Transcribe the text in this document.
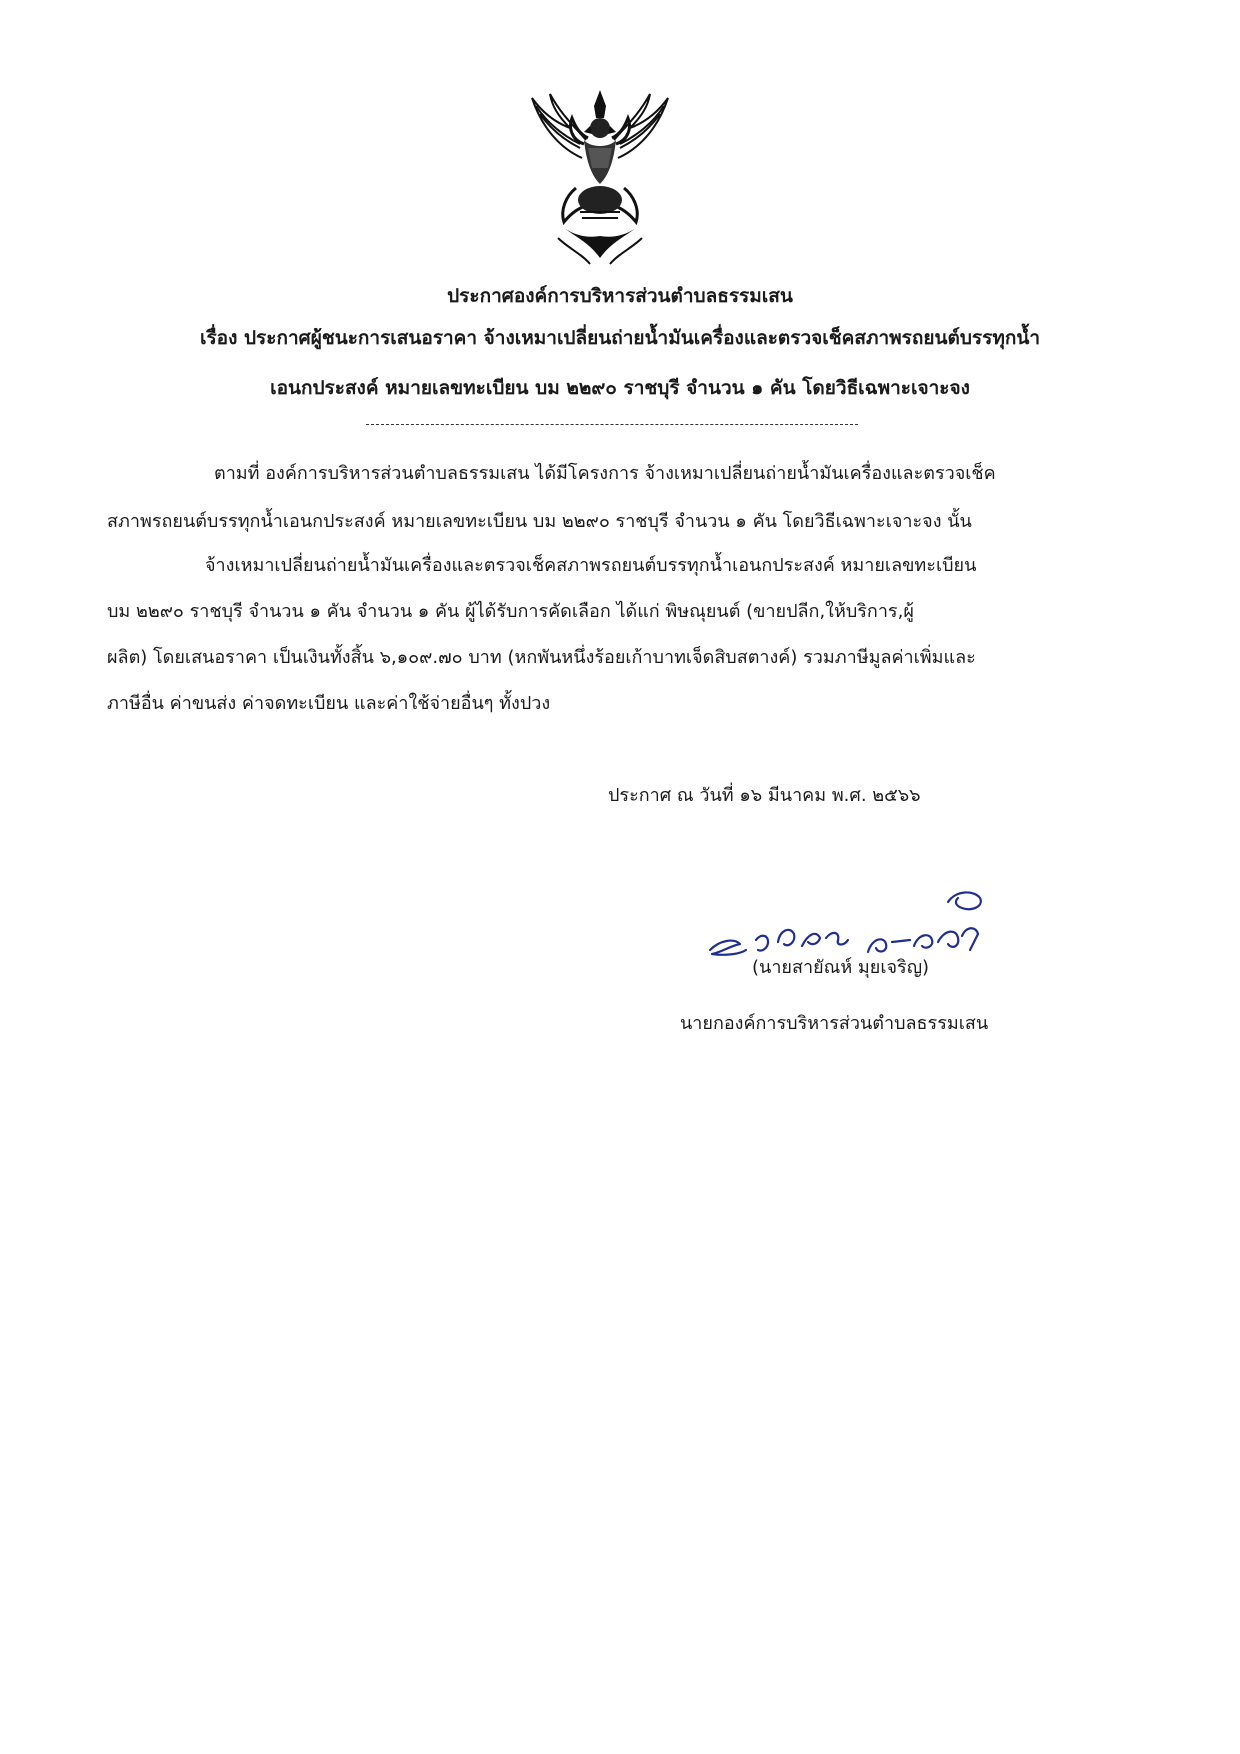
ประกาศองค์การบริหารส่วนตำบลธรรมเสน
เรื่อง ประกาศผู้ชนะการเสนอราคา จ้างเหมาเปลี่ยนถ่ายน้ำมันเครื่องและตรวจเช็คสภาพรถยนต์บรรทุกน้ำ
เอนกประสงค์ หมายเลขทะเบียน บม ๒๒๙๐ ราชบุรี จำนวน ๑ คัน โดยวิธีเฉพาะเจาะจง
ตามที่ องค์การบริหารส่วนตำบลธรรมเสน ได้มีโครงการ จ้างเหมาเปลี่ยนถ่ายน้ำมันเครื่องและตรวจเช็ค
สภาพรถยนต์บรรทุกน้ำเอนกประสงค์ หมายเลขทะเบียน บม ๒๒๙๐ ราชบุรี จำนวน ๑ คัน โดยวิธีเฉพาะเจาะจง นั้น
จ้างเหมาเปลี่ยนถ่ายน้ำมันเครื่องและตรวจเช็คสภาพรถยนต์บรรทุกน้ำเอนกประสงค์ หมายเลขทะเบียน
บม ๒๒๙๐ ราชบุรี จำนวน ๑ คัน จำนวน ๑ คัน ผู้ได้รับการคัดเลือก ได้แก่ พิษณุยนต์ (ขายปลีก,ให้บริการ,ผู้
ผลิต) โดยเสนอราคา เป็นเงินทั้งสิ้น ๖,๑๐๙.๗๐ บาท (หกพันหนึ่งร้อยเก้าบาทเจ็ดสิบสตางค์) รวมภาษีมูลค่าเพิ่มและ
ภาษีอื่น ค่าขนส่ง ค่าจดทะเบียน และค่าใช้จ่ายอื่นๆ ทั้งปวง
ประกาศ ณ วันที่ ๑๖ มีนาคม พ.ศ. ๒๕๖๖
(นายสายัณห์ มุยเจริญ)
นายกองค์การบริหารส่วนตำบลธรรมเสน
